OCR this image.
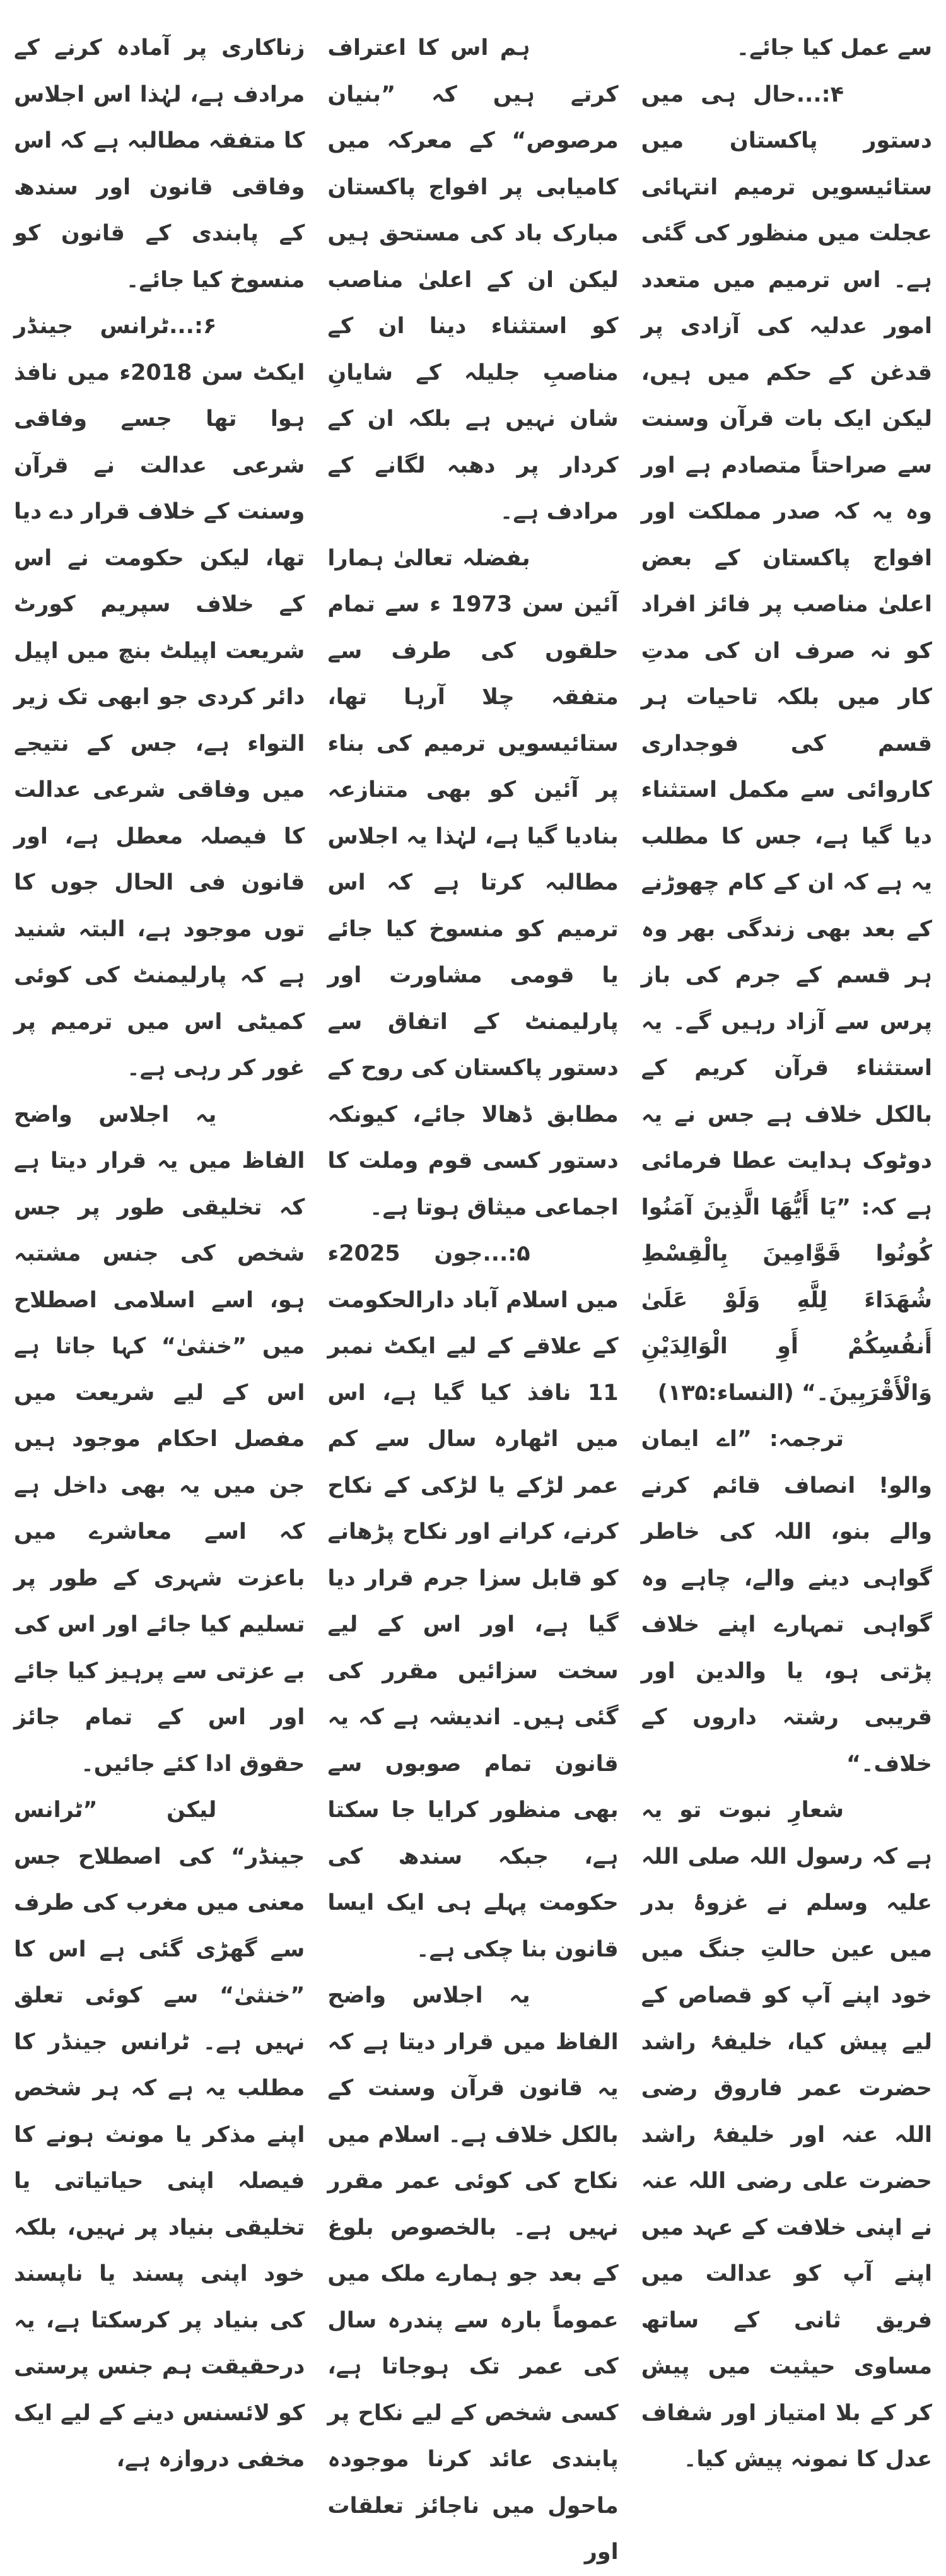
سے عمل کیا جائے۔

۴:...حال ہی میں دستور پاکستان میں ستائیسویں ترمیم انتہائی عجلت میں منظور کی گئی ہے۔ اس ترمیم میں متعدد امور عدلیہ کی آزادی پر قدغن کے حکم میں ہیں، لیکن ایک بات قرآن وسنت سے صراحتاً متصادم ہے اور وہ یہ کہ صدر مملکت اور افواج پاکستان کے بعض اعلیٰ مناصب پر فائز افراد کو نہ صرف ان کی مدتِ کار میں بلکہ تاحیات ہر قسم کی فوجداری کاروائی سے مکمل استثناء دیا گیا ہے، جس کا مطلب یہ ہے کہ ان کے کام چھوڑنے کے بعد بھی زندگی بھر وہ ہر قسم کے جرم کی باز پرس سے آزاد رہیں گے۔ یہ استثناء قرآن کریم کے بالکل خلاف ہے جس نے یہ دوٹوک ہدایت عطا فرمائی ہے کہ: ”يَا أَيُّهَا الَّذِينَ آمَنُوا كُونُوا قَوَّامِينَ بِالْقِسْطِ شُهَدَاءَ لِلَّهِ وَلَوْ عَلَىٰ أَنفُسِكُمْ أَوِ الْوَالِدَيْنِ وَالْأَقْرَبِينَ۔“ (النساء:۱۳۵)

ترجمہ: ”اے ایمان والو! انصاف قائم کرنے والے بنو، اللہ کی خاطر گواہی دینے والے، چاہے وہ گواہی تمہارے اپنے خلاف پڑتی ہو، یا والدین اور قریبی رشتہ داروں کے خلاف۔“

شعارِ نبوت تو یہ ہے کہ رسول اللہ صلی اللہ علیہ وسلم نے غزوۂ بدر میں عین حالتِ جنگ میں خود اپنے آپ کو قصاص کے لیے پیش کیا، خلیفۂ راشد حضرت عمر فاروق رضی اللہ عنہ اور خلیفۂ راشد حضرت علی رضی اللہ عنہ نے اپنی خلافت کے عہد میں اپنے آپ کو عدالت میں فریق ثانی کے ساتھ مساوی حیثیت میں پیش کر کے بلا امتیاز اور شفاف عدل کا نمونہ پیش کیا۔

ہم اس کا اعتراف کرتے ہیں کہ ”بنیان مرصوص“ کے معرکہ میں کامیابی پر افواج پاکستان مبارک باد کی مستحق ہیں لیکن ان کے اعلیٰ مناصب کو استثناء دینا ان کے مناصبِ جلیلہ کے شایانِ شان نہیں ہے بلکہ ان کے کردار پر دھبہ لگانے کے مرادف ہے۔

بفضلہ تعالیٰ ہمارا آئین سن 1973 ء سے تمام حلقوں کی طرف سے متفقہ چلا آرہا تھا، ستائیسویں ترمیم کی بناء پر آئین کو بھی متنازعہ بنادیا گیا ہے، لہٰذا یہ اجلاس مطالبہ کرتا ہے کہ اس ترمیم کو منسوخ کیا جائے یا قومی مشاورت اور پارلیمنٹ کے اتفاق سے دستور پاکستان کی روح کے مطابق ڈھالا جائے، کیونکہ دستور کسی قوم وملت کا اجماعی میثاق ہوتا ہے۔

۵:...جون 2025ء میں اسلام آباد دارالحکومت کے علاقے کے لیے ایکٹ نمبر 11 نافذ کیا گیا ہے، اس میں اٹھارہ سال سے کم عمر لڑکے یا لڑکی کے نکاح کرنے، کرانے اور نکاح پڑھانے کو قابل سزا جرم قرار دیا گیا ہے، اور اس کے لیے سخت سزائیں مقرر کی گئی ہیں۔ اندیشہ ہے کہ یہ قانون تمام صوبوں سے بھی منظور کرایا جا سکتا ہے، جبکہ سندھ کی حکومت پہلے ہی ایک ایسا قانون بنا چکی ہے۔

یہ اجلاس واضح الفاظ میں قرار دیتا ہے کہ یہ قانون قرآن وسنت کے بالکل خلاف ہے۔ اسلام میں نکاح کی کوئی عمر مقرر نہیں ہے۔ بالخصوص بلوغ کے بعد جو ہمارے ملک میں عموماً بارہ سے پندرہ سال کی عمر تک ہوجاتا ہے، کسی شخص کے لیے نکاح پر پابندی عائد کرنا موجودہ ماحول میں ناجائز تعلقات اور

زناکاری پر آمادہ کرنے کے مرادف ہے، لہٰذا اس اجلاس کا متفقہ مطالبہ ہے کہ اس وفاقی قانون اور سندھ کے پابندی کے قانون کو منسوخ کیا جائے۔

۶:...ٹرانس جینڈر ایکٹ سن 2018ء میں نافذ ہوا تھا جسے وفاقی شرعی عدالت نے قرآن وسنت کے خلاف قرار دے دیا تھا، لیکن حکومت نے اس کے خلاف سپریم کورٹ شریعت اپیلٹ بنچ میں اپیل دائر کردی جو ابھی تک زیر التواء ہے، جس کے نتیجے میں وفاقی شرعی عدالت کا فیصلہ معطل ہے، اور قانون فی الحال جوں کا توں موجود ہے، البتہ شنید ہے کہ پارلیمنٹ کی کوئی کمیٹی اس میں ترمیم پر غور کر رہی ہے۔

یہ اجلاس واضح الفاظ میں یہ قرار دیتا ہے کہ تخلیقی طور پر جس شخص کی جنس مشتبہ ہو، اسے اسلامی اصطلاح میں ”خنثیٰ“ کہا جاتا ہے اس کے لیے شریعت میں مفصل احکام موجود ہیں جن میں یہ بھی داخل ہے کہ اسے معاشرے میں باعزت شہری کے طور پر تسلیم کیا جائے اور اس کی بے عزتی سے پرہیز کیا جائے اور اس کے تمام جائز حقوق ادا کئے جائیں۔

لیکن ”ٹرانس جینڈر“ کی اصطلاح جس معنی میں مغرب کی طرف سے گھڑی گئی ہے اس کا ”خنثیٰ“ سے کوئی تعلق نہیں ہے۔ ٹرانس جینڈر کا مطلب یہ ہے کہ ہر شخص اپنے مذکر یا مونث ہونے کا فیصلہ اپنی حیاتیاتی یا تخلیقی بنیاد پر نہیں، بلکہ خود اپنی پسند یا ناپسند کی بنیاد پر کرسکتا ہے، یہ درحقیقت ہم جنس پرستی کو لائسنس دینے کے لیے ایک مخفی دروازہ ہے،
